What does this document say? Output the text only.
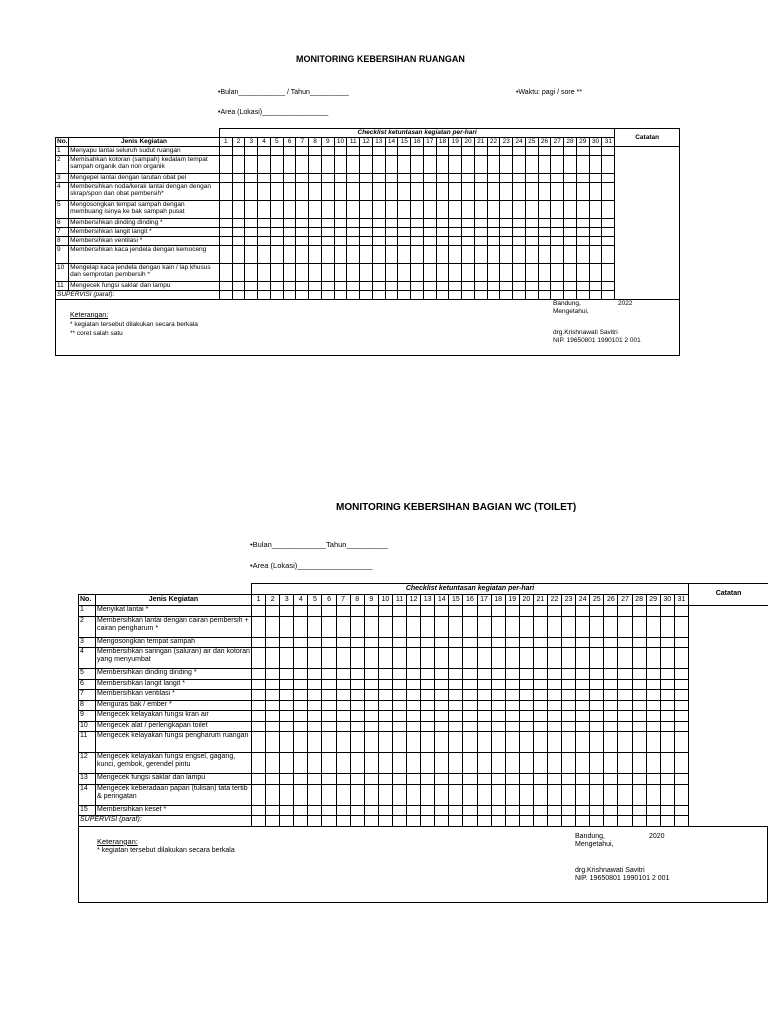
MONITORING KEBERSIHAN RUANGAN
•Bulan____________ / Tahun__________	•Waktu: pagi / sore **
•Area (Lokasi)_________________
		Checklist ketuntasan kegiatan per-hari																															Catatan
No.	Jenis Kegiatan	1	2	3	4	5	6	7	8	9	10	11	12	13	14	15	16	17	18	19	20	21	22	23	24	25	26	27	28	29	30	31	
1	Menyapu lantai seluruh sudut ruangan																																
2	Memisahkan kotoran (sampah) kedalam tempat sampah organik dan non organik																																
3	Mengepel lantai dengan larutan obat pel																																
4	Membersihkan noda/kerak lantai dengan dengan skrap/spon dan obat pembersih*																																
5	Mengosongkan tempat sampah dengan membuang isinya ke bak sampah pusat																																
6	Membersihkan dinding dinding *																																
7	Membersihkan langit langit *																																
8	Membersihkan ventilasi *																																
9	Membersihkan kaca jendela dengan kemoceng																																
10	Mengelap kaca jendela dengan kain / lap khusus dan semprotan pembersih *																																
11	Mengecek fungsi saklar dan lampu																																
SUPERVISI (paraf):																																	
Keterangan:
* kegiatan tersebut dilakukan secara berkala
** coret salah satu
Bandung,	2022
Mengetahui,
drg.Krishnawati Savitri
NIP. 19650801 1990101 2 001
MONITORING KEBERSIHAN BAGIAN WC (TOILET)
•Bulan_____________Tahun__________
•Area (Lokasi)__________________
		Checklist ketuntasan kegiatan per-hari																															Catatan
No.	Jenis Kegiatan	1	2	3	4	5	6	7	8	9	10	11	12	13	14	15	16	17	18	19	20	21	22	23	24	25	26	27	28	29	30	31	
1	Menyikat lantai *																																
2	Membersihkan lantai dengan cairan pembersih + cairan pengharum *																																
3	Mengosongkan tempat sampah																																
4	Membersihkan saringan (saluran) air dari kotoran yang menyumbat																																
5	Membersihkan dinding dinding *																																
6	Membersihkan langit langit *																																
7	Membersihkan ventilasi *																																
8	Menguras bak / ember *																																
9	Mengecek kelayakan fungsi kran air																																
10	Mengecek alat / perlengkapan toilet																																
11	Mengecek kelayakan fungsi pengharum ruangan																																
12	Mengecek kelayakan fungsi engsel, gagang, kunci, gembok, gerendel pintu																																
13	Mengecek fungsi saklar dan lampu																																
14	Mengecek keberadaan papan (tulisan) tata tertib & peringatan																																
15	Membersihkan keset *																																
SUPERVISI (paraf):																																	
Keterangan:
* kegiatan tersebut dilakukan secara berkala
Bandung,	2020
Mengetahui,
drg.Krishnawati Savitri
NIP. 19650801 1990101 2 001
